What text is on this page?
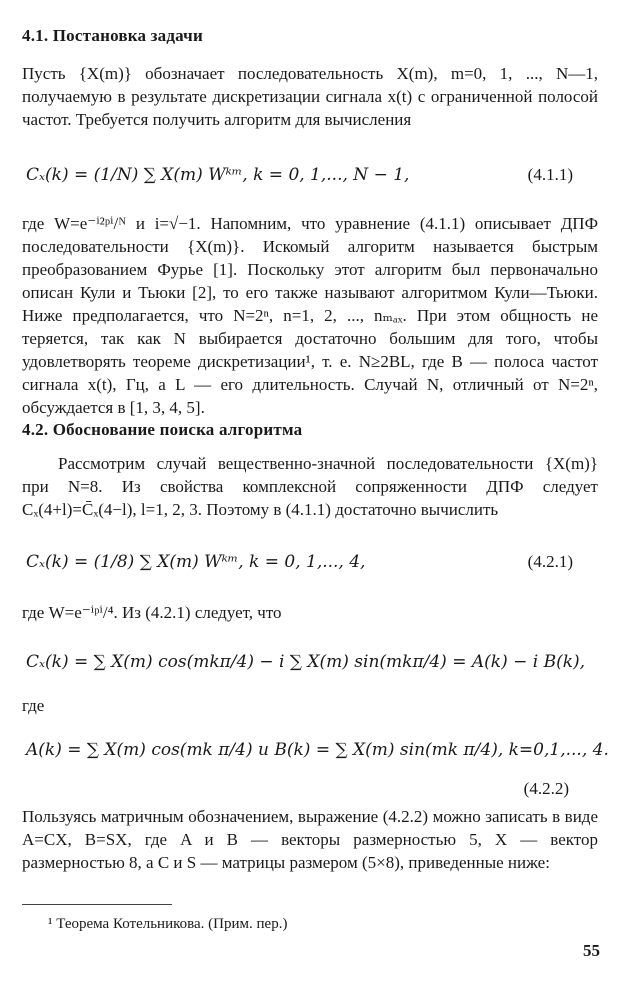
4.1. Постановка задачи

Пусть {X(m)} обозначает последовательность X(m), m=0, 1, ..., N—1, получаемую в результате дискретизации сигнала x(t) с ограниченной полосой частот. Требуется получить алгоритм для вычисления

Cₓ(k) = (1/N) ∑ X(m) Wᵏᵐ, k = 0, 1,..., N − 1,	(4.1.1)

где W=e⁻ⁱ²ᵖⁱ/ᴺ и i=√−1. Напомним, что уравнение (4.1.1) описывает ДПФ последовательности {X(m)}. Искомый алгоритм называется быстрым преобразованием Фурье [1]. Поскольку этот алгоритм был первоначально описан Кули и Тьюки [2], то его также называют алгоритмом Кули—Тьюки. Ниже предполагается, что N=2ⁿ, n=1, 2, ..., nₘₐₓ. При этом общность не теряется, так как N выбирается достаточно большим для того, чтобы удовлетворять теореме дискретизации¹, т. е. N≥2BL, где B — полоса частот сигнала x(t), Гц, а L — его длительность. Случай N, отличный от N=2ⁿ, обсуждается в [1, 3, 4, 5].

4.2. Обоснование поиска алгоритма

Рассмотрим случай вещественно-значной последовательности {X(m)} при N=8. Из свойства комплексной сопряженности ДПФ следует Cₓ(4+l)=C̄ₓ(4−l), l=1, 2, 3. Поэтому в (4.1.1) достаточно вычислить

Cₓ(k) = (1/8) ∑ X(m) Wᵏᵐ, k = 0, 1,..., 4,	(4.2.1)
где W=e⁻ⁱᵖⁱ/⁴. Из (4.2.1) следует, что
Cₓ(k) = ∑ X(m) cos(mkπ/4) − i ∑ X(m) sin(mkπ/4) = A(k) − i B(k),
где
A(k) = ∑ X(m) cos(mk π/4) и B(k) = ∑ X(m) sin(mk π/4), k=0,1,..., 4.
(4.2.2)

Пользуясь матричным обозначением, выражение (4.2.2) можно записать в виде A=CX, B=SX, где A и B — векторы размерностью 5, X — вектор размерностью 8, а C и S — матрицы размером (5×8), приведенные ниже:

¹ Теорема Котельникова. (Прим. пер.)
55
